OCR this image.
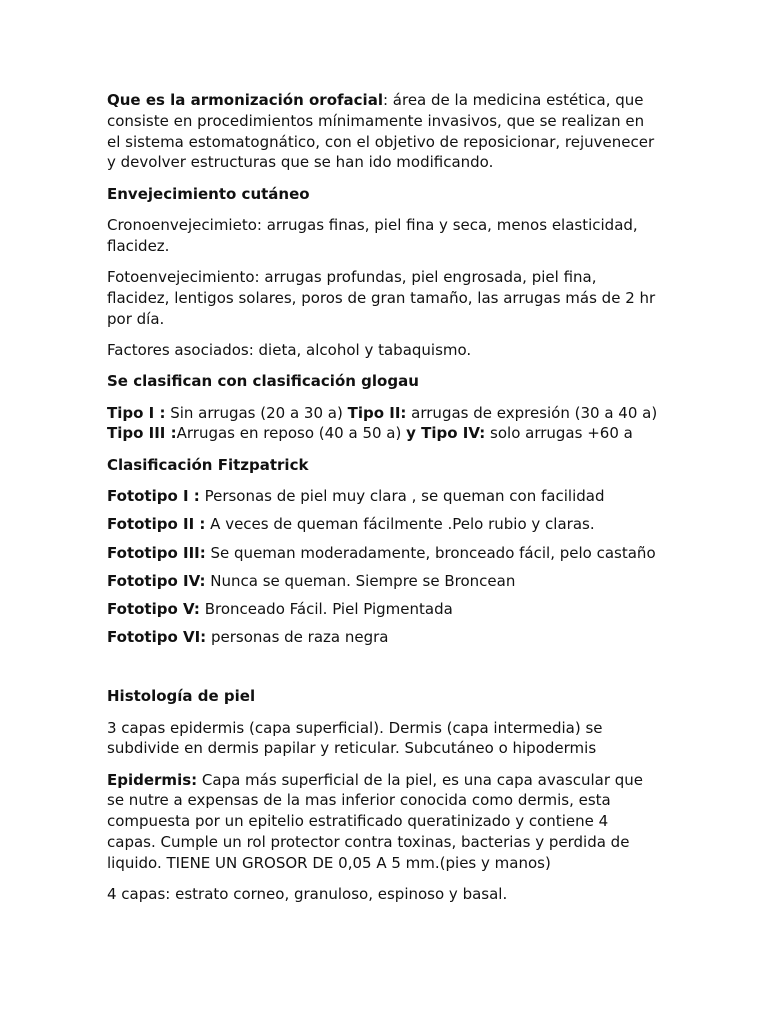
Que es la armonización orofacial: área de la medicina estética, que
consiste en procedimientos mínimamente invasivos, que se realizan en
el sistema estomatognático, con el objetivo de reposicionar, rejuvenecer
y devolver estructuras que se han ido modificando.

Envejecimiento cutáneo

Cronoenvejecimieto: arrugas finas, piel fina y seca, menos elasticidad,
flacidez.

Fotoenvejecimiento: arrugas profundas, piel engrosada, piel fina,
flacidez, lentigos solares, poros de gran tamaño, las arrugas más de 2 hr
por día.

Factores asociados: dieta, alcohol y tabaquismo.

Se clasifican con clasificación glogau

Tipo I : Sin arrugas (20 a 30 a) Tipo II: arrugas de expresión (30 a 40 a)
Tipo III :Arrugas en reposo (40 a 50 a) y Tipo IV: solo arrugas +60 a

Clasificación Fitzpatrick

Fototipo I : Personas de piel muy clara , se queman con facilidad

Fototipo II : A veces de queman fácilmente .Pelo rubio y claras.

Fototipo III: Se queman moderadamente, bronceado fácil, pelo castaño

Fototipo IV: Nunca se queman. Siempre se Broncean

Fototipo V: Bronceado Fácil. Piel Pigmentada

Fototipo VI: personas de raza negra

Histología de piel

3 capas epidermis (capa superficial). Dermis (capa intermedia) se
subdivide en dermis papilar y reticular. Subcutáneo o hipodermis

Epidermis: Capa más superficial de la piel, es una capa avascular que
se nutre a expensas de la mas inferior conocida como dermis, esta
compuesta por un epitelio estratificado queratinizado y contiene 4
capas. Cumple un rol protector contra toxinas, bacterias y perdida de
liquido. TIENE UN GROSOR DE 0,05 A 5 mm.(pies y manos)

4 capas: estrato corneo, granuloso, espinoso y basal.
